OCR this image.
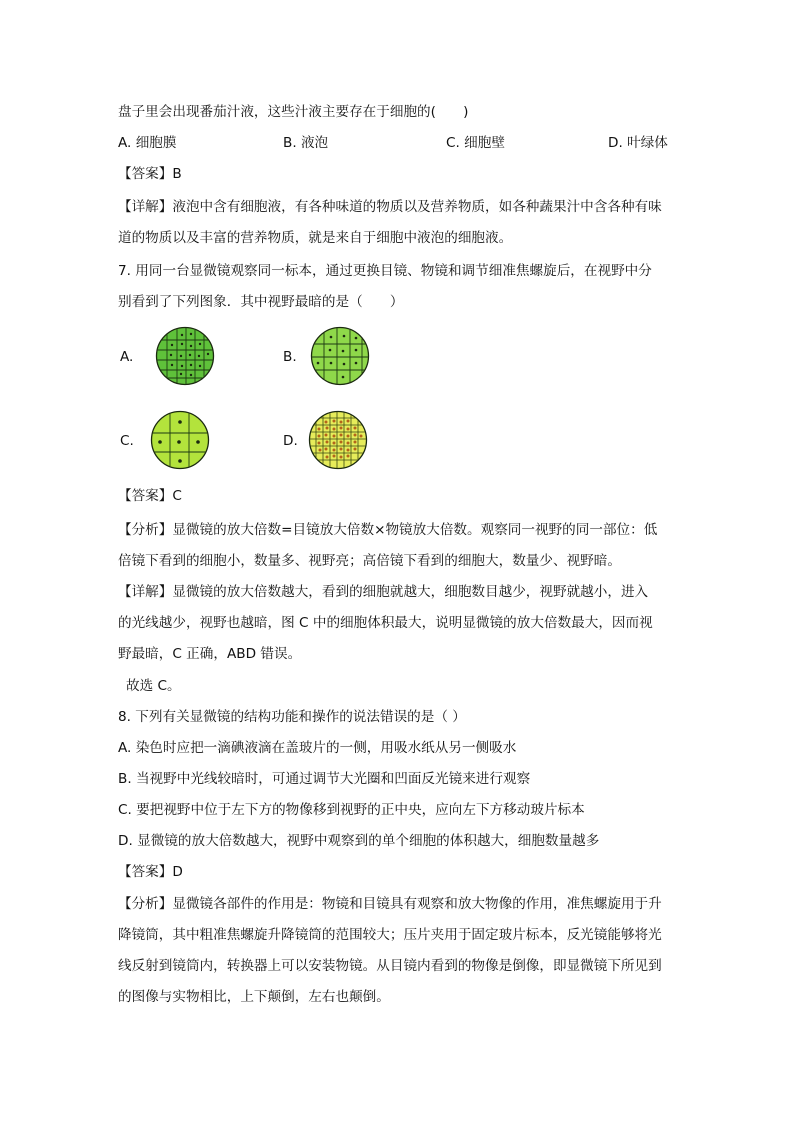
盘子里会出现番茄汁液，这些汁液主要存在于细胞的(　　)
A. 细胞膜	B. 液泡	C. 细胞壁	D. 叶绿体
【答案】B
【详解】液泡中含有细胞液，有各种味道的物质以及营养物质，如各种蔬果汁中含各种有味
道的物质以及丰富的营养物质，就是来自于细胞中液泡的细胞液。
7. 用同一台显微镜观察同一标本，通过更换目镜、物镜和调节细准焦螺旋后，在视野中分
别看到了下列图象．其中视野最暗的是（　　）
A.	B.
C.	D.
【答案】C
【分析】显微镜的放大倍数=目镜放大倍数×物镜放大倍数。观察同一视野的同一部位：低
倍镜下看到的细胞小，数量多、视野亮；高倍镜下看到的细胞大，数量少、视野暗。
【详解】显微镜的放大倍数越大，看到的细胞就越大，细胞数目越少，视野就越小，进入
的光线越少，视野也越暗，图 C 中的细胞体积最大，说明显微镜的放大倍数最大，因而视
野最暗，C 正确，ABD 错误。
故选 C。
8. 下列有关显微镜的结构功能和操作的说法错误的是（ ）
A. 染色时应把一滴碘液滴在盖玻片的一侧，用吸水纸从另一侧吸水
B. 当视野中光线较暗时，可通过调节大光圈和凹面反光镜来进行观察
C. 要把视野中位于左下方的物像移到视野的正中央，应向左下方移动玻片标本
D. 显微镜的放大倍数越大，视野中观察到的单个细胞的体积越大，细胞数量越多
【答案】D
【分析】显微镜各部件的作用是：物镜和目镜具有观察和放大物像的作用，准焦螺旋用于升
降镜筒，其中粗准焦螺旋升降镜筒的范围较大；压片夹用于固定玻片标本，反光镜能够将光
线反射到镜筒内，转换器上可以安装物镜。从目镜内看到的物像是倒像，即显微镜下所见到
的图像与实物相比，上下颠倒，左右也颠倒。
